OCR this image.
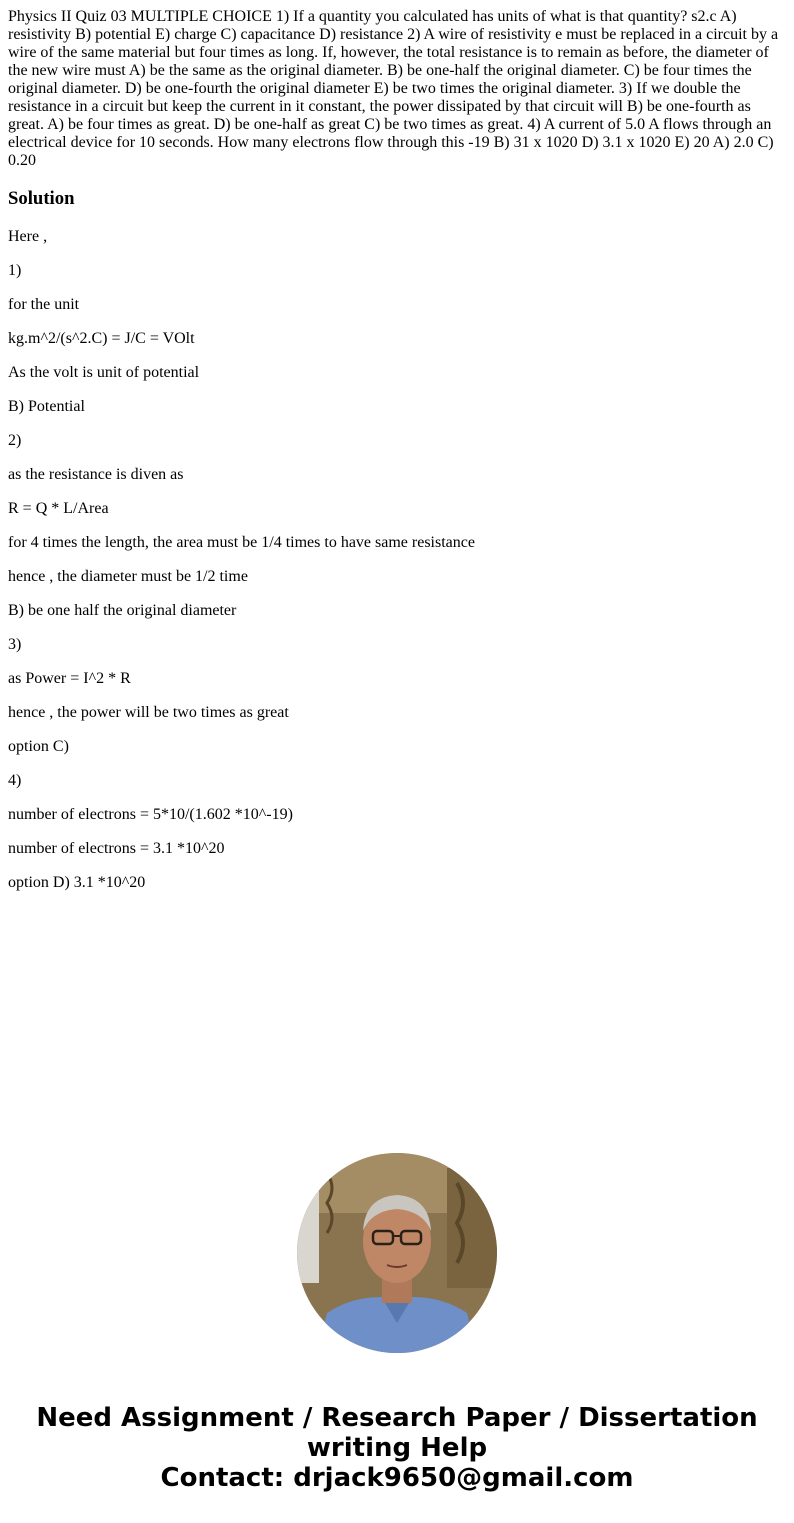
Physics II Quiz 03 MULTIPLE CHOICE 1) If a quantity you calculated has units of what is that quantity? s2.c A) resistivity B) potential E) charge C) capacitance D) resistance 2) A wire of resistivity e must be replaced in a circuit by a wire of the same material but four times as long. If, however, the total resistance is to remain as before, the diameter of the new wire must A) be the same as the original diameter. B) be one-half the original diameter. C) be four times the original diameter. D) be one-fourth the original diameter E) be two times the original diameter. 3) If we double the resistance in a circuit but keep the current in it constant, the power dissipated by that circuit will B) be one-fourth as great. A) be four times as great. D) be one-half as great C) be two times as great. 4) A current of 5.0 A flows through an electrical device for 10 seconds. How many electrons flow through this -19 B) 31 x 1020 D) 3.1 x 1020 E) 20 A) 2.0 C) 0.20

Solution

Here ,

1)

for the unit

kg.m^2/(s^2.C) = J/C = VOlt

As the volt is unit of potential

B) Potential

2)

as the resistance is diven as

R = Q * L/Area

for 4 times the length, the area must be 1/4 times to have same resistance

hence , the diameter must be 1/2 time

B) be one half the original diameter

3)

as Power = I^2 * R

hence , the power will be two times as great

option C)

4)

number of electrons = 5*10/(1.602 *10^-19)

number of electrons = 3.1 *10^20

option D) 3.1 *10^20

Need Assignment / Research Paper / Dissertation
writing Help
Contact: drjack9650@gmail.com
